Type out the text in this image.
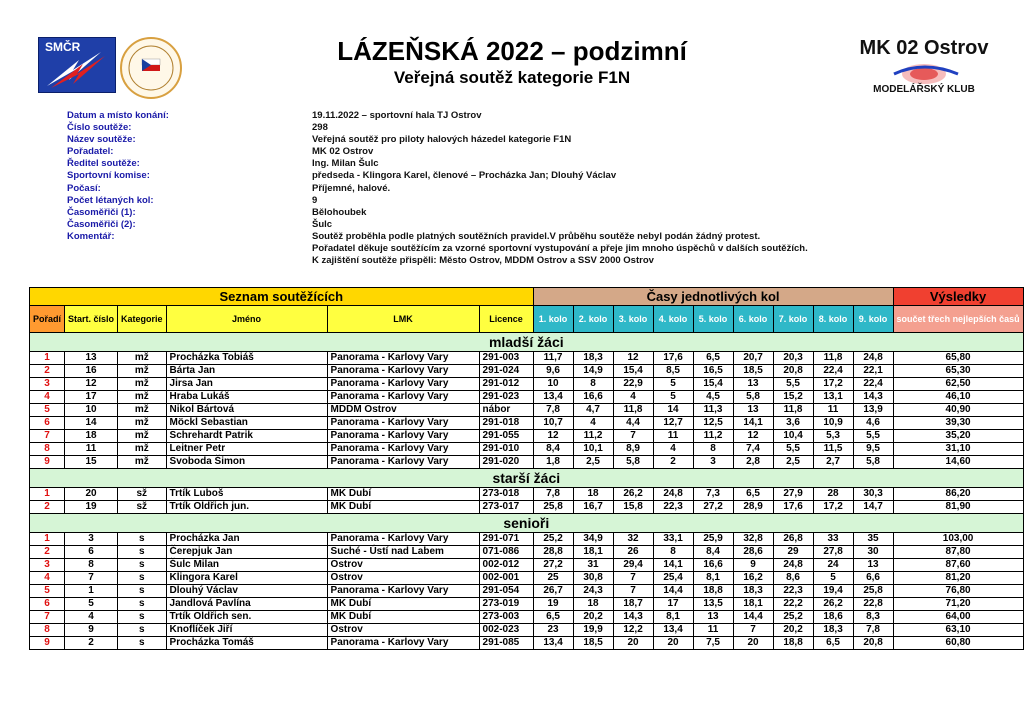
SMČR	LÁZEŇSKÁ 2022 – podzimní
Veřejná soutěž kategorie F1N
MK 02 Ostrov
MODELÁŘSKÝ KLUB
Datum a místo konání:	19.11.2022 – sportovní hala TJ Ostrov
Číslo soutěže:	298
Název soutěže:	Veřejná soutěž pro piloty halových házedel kategorie F1N
Pořadatel:	MK 02 Ostrov
Ředitel soutěže:	Ing. Milan Šulc
Sportovní komise:	předseda - Klingora Karel, členové – Procházka Jan; Dlouhý Václav
Počasí:	Příjemné, halové.
Počet létaných kol:	9
Časoměřiči (1):	Bělohoubek
Časoměřiči (2):	Šulc
Komentář:	Soutěž proběhla podle platných soutěžních pravidel.V průběhu soutěže nebyl podán žádný protest.
Pořadatel děkuje soutěžícím za vzorné sportovní vystupování a přeje jim mnoho úspěchů v dalších soutěžích.
K zajištění soutěže přispěli: Město Ostrov, MDDM Ostrov a SSV 2000 Ostrov
Seznam soutěžících						Časy jednotlivých kol									Výsledky
Pořadí	Start. číslo	Kategorie	Jméno	LMK	Licence	1. kolo	2. kolo	3. kolo	4. kolo	5. kolo	6. kolo	7. kolo	8. kolo	9. kolo	součet třech nejlepších časů
mladší žáci															
1	13	mž	Procházka Tobiáš	Panorama - Karlovy Vary	291-003	11,7	18,3	12	17,6	6,5	20,7	20,3	11,8	24,8	65,80
2	16	mž	Bárta Jan	Panorama - Karlovy Vary	291-024	9,6	14,9	15,4	8,5	16,5	18,5	20,8	22,4	22,1	65,30
3	12	mž	Jirsa Jan	Panorama - Karlovy Vary	291-012	10	8	22,9	5	15,4	13	5,5	17,2	22,4	62,50
4	17	mž	Hraba Lukáš	Panorama - Karlovy Vary	291-023	13,4	16,6	4	5	4,5	5,8	15,2	13,1	14,3	46,10
5	10	mž	Nikol Bártová	MDDM Ostrov	nábor	7,8	4,7	11,8	14	11,3	13	11,8	11	13,9	40,90
6	14	mž	Möckl Sebastian	Panorama - Karlovy Vary	291-018	10,7	4	4,4	12,7	12,5	14,1	3,6	10,9	4,6	39,30
7	18	mž	Schrehardt Patrik	Panorama - Karlovy Vary	291-055	12	11,2	7	11	11,2	12	10,4	5,3	5,5	35,20
8	11	mž	Leitner Petr	Panorama - Karlovy Vary	291-010	8,4	10,1	8,9	4	8	7,4	5,5	11,5	9,5	31,10
9	15	mž	Svoboda Šimon	Panorama - Karlovy Vary	291-020	1,8	2,5	5,8	2	3	2,8	2,5	2,7	5,8	14,60
starší žáci															
1	20	sž	Trtík Luboš	MK Dubí	273-018	7,8	18	26,2	24,8	7,3	6,5	27,9	28	30,3	86,20
2	19	sž	Trtík Oldřich jun.	MK Dubí	273-017	25,8	16,7	15,8	22,3	27,2	28,9	17,6	17,2	14,7	81,90
senioři															
1	3	s	Procházka Jan	Panorama - Karlovy Vary	291-071	25,2	34,9	32	33,1	25,9	32,8	26,8	33	35	103,00
2	6	s	Čerepjuk Jan	Suché - Ústí nad Labem	071-086	28,8	18,1	26	8	8,4	28,6	29	27,8	30	87,80
3	8	s	Šulc Milan	Ostrov	002-012	27,2	31	29,4	14,1	16,6	9	24,8	24	13	87,60
4	7	s	Klingora Karel	Ostrov	002-001	25	30,8	7	25,4	8,1	16,2	8,6	5	6,6	81,20
5	1	s	Dlouhý Václav	Panorama - Karlovy Vary	291-054	26,7	24,3	7	14,4	18,8	18,3	22,3	19,4	25,8	76,80
6	5	s	Jandlová Pavlína	MK Dubí	273-019	19	18	18,7	17	13,5	18,1	22,2	26,2	22,8	71,20
7	4	s	Trtík Oldřich sen.	MK Dubí	273-003	6,5	20,2	14,3	8,1	13	14,4	25,2	18,6	8,3	64,00
8	9	s	Knoflíček Jiří	Ostrov	002-023	23	19,9	12,2	13,4	11	7	20,2	18,3	7,8	63,10
9	2	s	Procházka Tomáš	Panorama - Karlovy Vary	291-085	13,4	18,5	20	20	7,5	20	18,8	6,5	20,8	60,80
